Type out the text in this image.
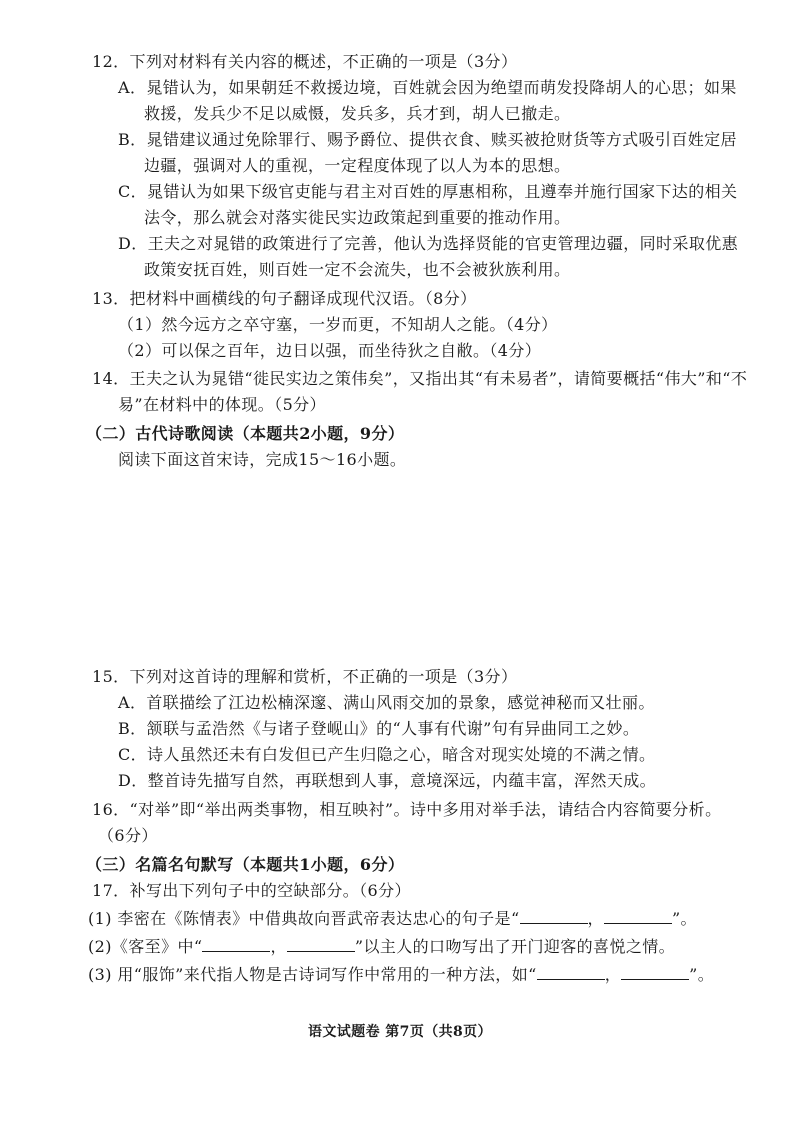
12．下列对材料有关内容的概述，不正确的一项是（3分）
A．晁错认为，如果朝廷不救援边境，百姓就会因为绝望而萌发投降胡人的心思；如果
救援，发兵少不足以威慑，发兵多，兵才到，胡人已撤走。
B．晁错建议通过免除罪行、赐予爵位、提供衣食、赎买被抢财货等方式吸引百姓定居
边疆，强调对人的重视，一定程度体现了以人为本的思想。
C．晁错认为如果下级官吏能与君主对百姓的厚惠相称，且遵奉并施行国家下达的相关
法令，那么就会对落实徙民实边政策起到重要的推动作用。
D．王夫之对晁错的政策进行了完善，他认为选择贤能的官吏管理边疆，同时采取优惠
政策安抚百姓，则百姓一定不会流失，也不会被狄族利用。
13．把材料中画横线的句子翻译成现代汉语。（8分）
（1）然今远方之卒守塞，一岁而更，不知胡人之能。（4分）
（2）可以保之百年，边日以强，而坐待狄之自敝。（4分）
14．王夫之认为晁错“徙民实边之策伟矣”，又指出其“有未易者”，请简要概括“伟大”和“不
易”在材料中的体现。（5分）
（二）古代诗歌阅读（本题共2小题，9分）
阅读下面这首宋诗，完成15～16小题。
15．下列对这首诗的理解和赏析，不正确的一项是（3分）
A．首联描绘了江边松楠深邃、满山风雨交加的景象，感觉神秘而又壮丽。
B．颔联与孟浩然《与诸子登岘山》的“人事有代谢”句有异曲同工之妙。
C．诗人虽然还未有白发但已产生归隐之心，暗含对现实处境的不满之情。
D．整首诗先描写自然，再联想到人事，意境深远，内蕴丰富，浑然天成。
16．“对举”即“举出两类事物，相互映衬”。诗中多用对举手法，请结合内容简要分析。
（6分）
（三）名篇名句默写（本题共1小题，6分）
17．补写出下列句子中的空缺部分。（6分）
(1) 李密在《陈情表》中借典故向晋武帝表达忠心的句子是“	，	”。
(2)《客至》中“	，	”以主人的口吻写出了开门迎客的喜悦之情。
(3) 用“服饰”来代指人物是古诗词写作中常用的一种方法，如“	，	”。
语文试题卷 第7页（共8页）
